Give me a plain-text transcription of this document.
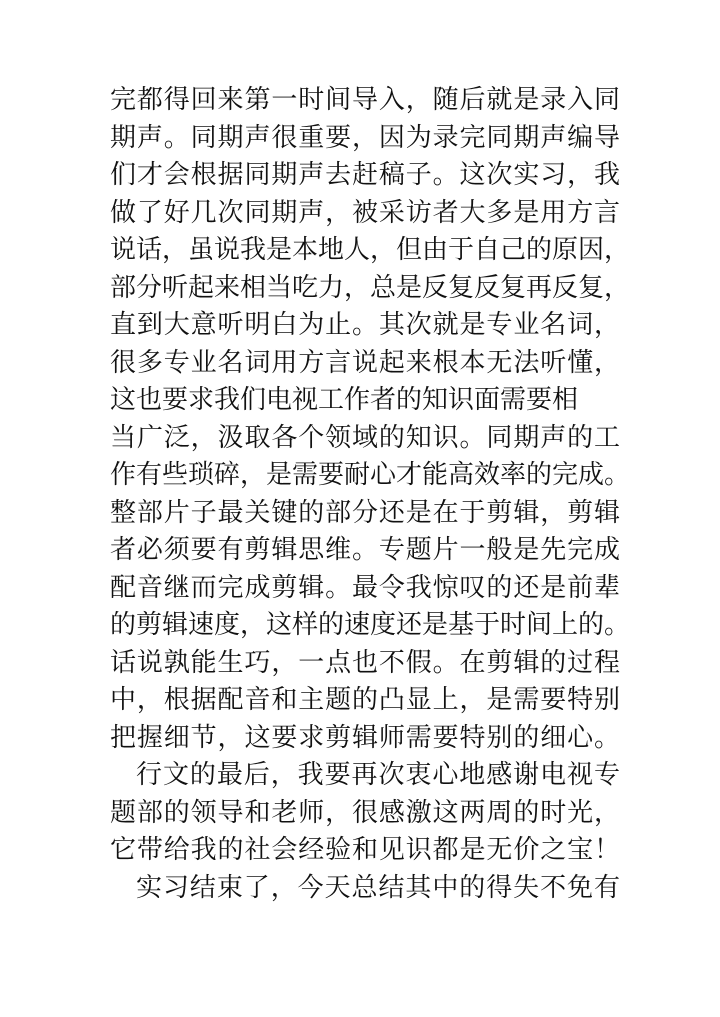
完都得回来第一时间导入，随后就是录入同
期声。同期声很重要，因为录完同期声编导
们才会根据同期声去赶稿子。这次实习，我
做了好几次同期声，被采访者大多是用方言
说话，虽说我是本地人，但由于自己的原因，
部分听起来相当吃力，总是反复反复再反复，
直到大意听明白为止。其次就是专业名词，
很多专业名词用方言说起来根本无法听懂，
这也要求我们电视工作者的知识面需要相
当广泛，汲取各个领域的知识。同期声的工
作有些琐碎，是需要耐心才能高效率的完成。
整部片子最关键的部分还是在于剪辑，剪辑
者必须要有剪辑思维。专题片一般是先完成
配音继而完成剪辑。最令我惊叹的还是前辈
的剪辑速度，这样的速度还是基于时间上的。
话说孰能生巧，一点也不假。在剪辑的过程
中，根据配音和主题的凸显上，是需要特别
把握细节，这要求剪辑师需要特别的细心。
行文的最后，我要再次衷心地感谢电视专
题部的领导和老师，很感激这两周的时光，
它带给我的社会经验和见识都是无价之宝！
实习结束了，今天总结其中的得失不免有
